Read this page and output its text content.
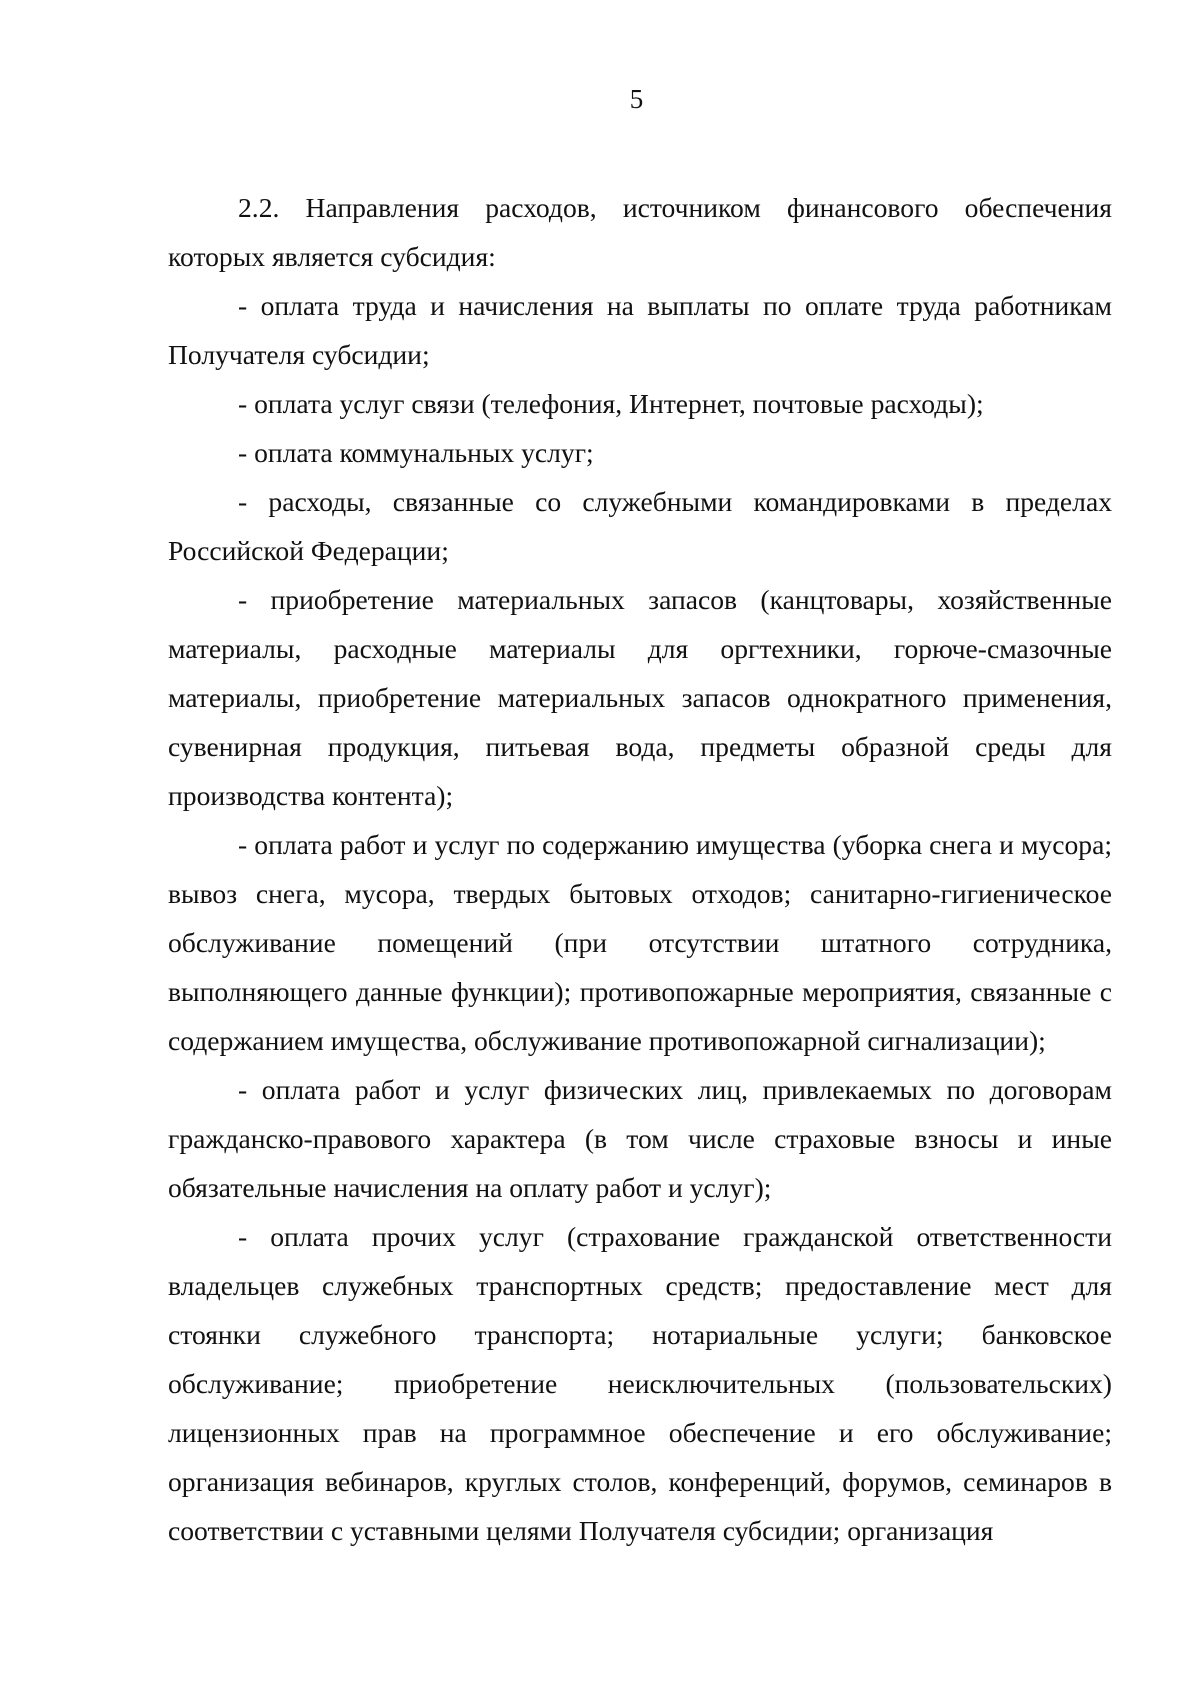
5

2.2. Направления расходов, источником финансового обеспечения которых является субсидия:

- оплата труда и начисления на выплаты по оплате труда работникам Получателя субсидии;

- оплата услуг связи (телефония, Интернет, почтовые расходы);

- оплата коммунальных услуг;

- расходы, связанные со служебными командировками в пределах Российской Федерации;

- приобретение материальных запасов (канцтовары, хозяйственные материалы, расходные материалы для оргтехники, горюче-смазочные материалы, приобретение материальных запасов однократного применения, сувенирная продукция, питьевая вода, предметы образной среды для производства контента);

- оплата работ и услуг по содержанию имущества (уборка снега и мусора; вывоз снега, мусора, твердых бытовых отходов; санитарно-гигиеническое обслуживание помещений (при отсутствии штатного сотрудника, выполняющего данные функции); противопожарные мероприятия, связанные с содержанием имущества, обслуживание противопожарной сигнализации);

- оплата работ и услуг физических лиц, привлекаемых по договорам гражданско-правового характера (в том числе страховые взносы и иные обязательные начисления на оплату работ и услуг);

- оплата прочих услуг (страхование гражданской ответственности владельцев служебных транспортных средств; предоставление мест для стоянки служебного транспорта; нотариальные услуги; банковское обслуживание; приобретение неисключительных (пользовательских) лицензионных прав на программное обеспечение и его обслуживание; организация вебинаров, круглых столов, конференций, форумов, семинаров в соответствии с уставными целями Получателя субсидии; организация
